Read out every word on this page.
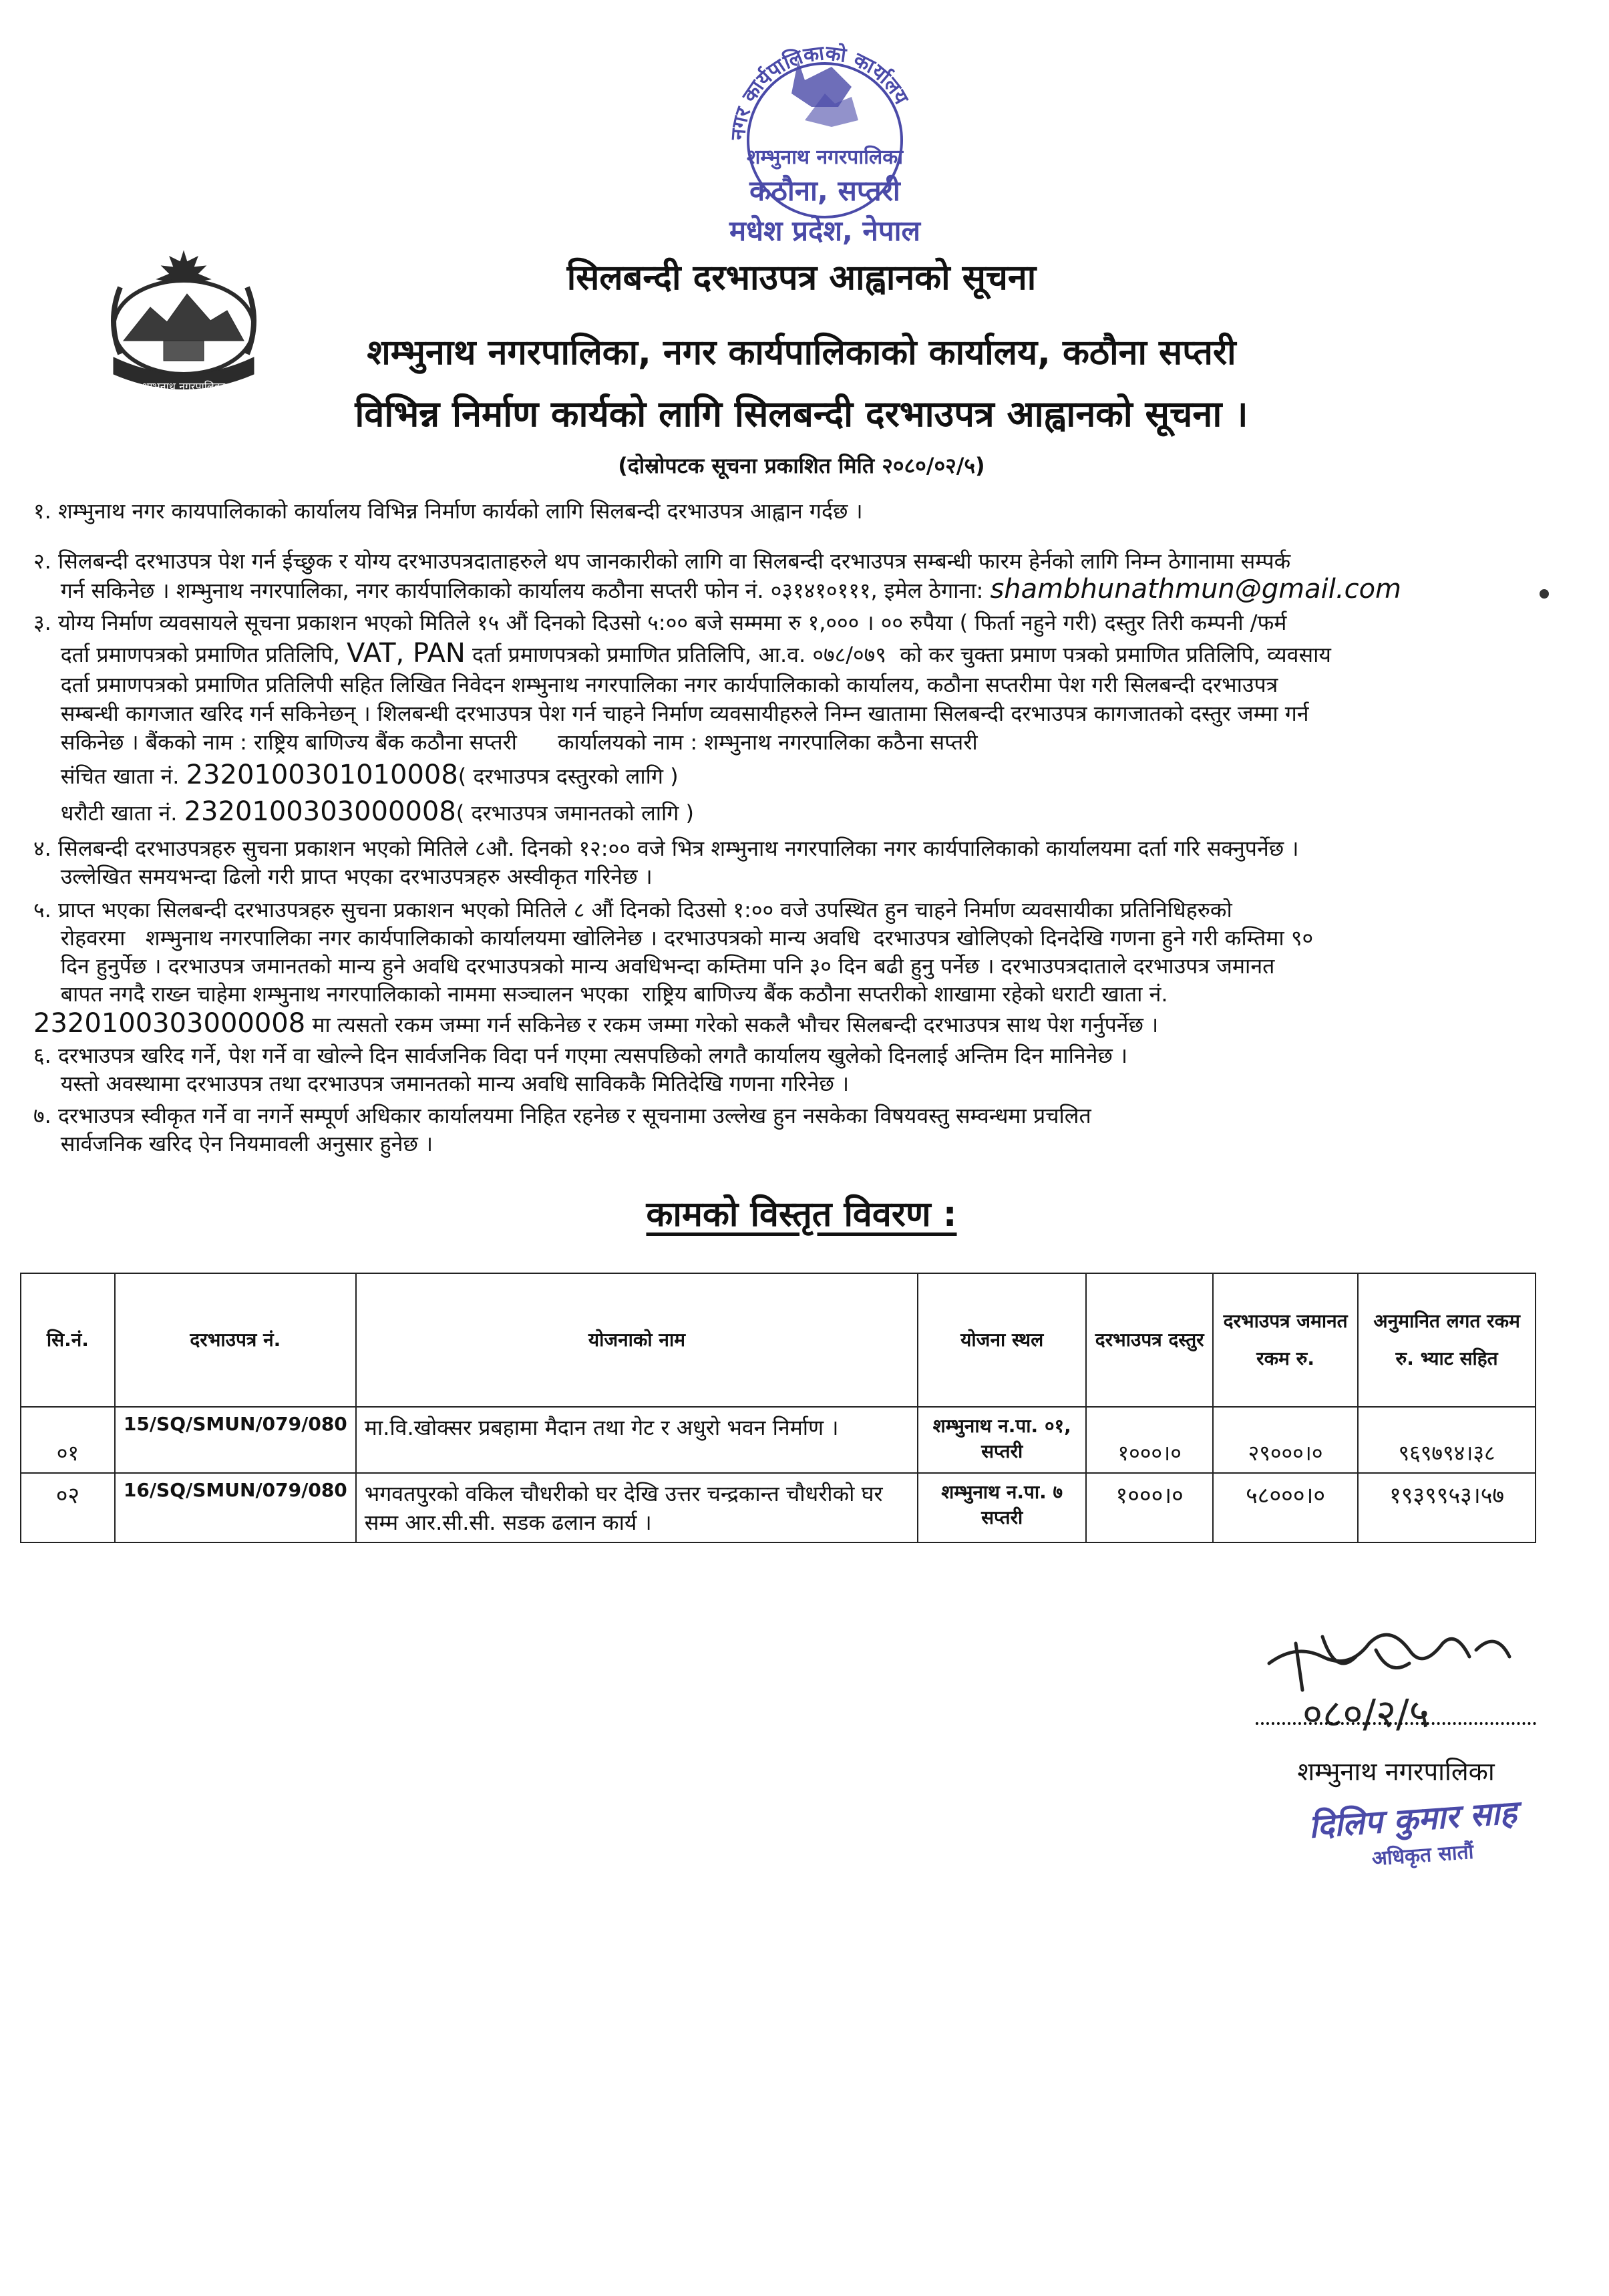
शम्भुनाथ नगरपालिका
नगर कार्यपालिकाको कार्यालय
शम्भुनाथ नगरपालिका
कठौना, सप्तरी
मधेश प्रदेश, नेपाल
सिलबन्दी दरभाउपत्र आह्वानको सूचना
शम्भुनाथ नगरपालिका, नगर कार्यपालिकाको कार्यालय, कठौना सप्तरी
विभिन्न निर्माण कार्यको लागि सिलबन्दी दरभाउपत्र आह्वानको सूचना ।
(दोस्रोपटक सूचना प्रकाशित मिति २०८०/०२/५)
१. शम्भुनाथ नगर कायपालिकाको कार्यालय विभिन्न निर्माण कार्यको लागि सिलबन्दी दरभाउपत्र आह्वान गर्दछ ।
२. सिलबन्दी दरभाउपत्र पेश गर्न ईच्छुक र योग्य दरभाउपत्रदाताहरुले थप जानकारीको लागि वा सिलबन्दी दरभाउपत्र सम्बन्धी फारम हेर्नको लागि निम्न ठेगानामा सम्पर्क
गर्न सकिनेछ । शम्भुनाथ नगरपालिका, नगर कार्यपालिकाको कार्यालय कठौना सप्तरी फोन नं. ०३१४१०१११, इमेल ठेगाना: shambhunathmun@gmail.com
३. योग्य निर्माण व्यवसायले सूचना प्रकाशन भएको मितिले १५ औं दिनको दिउसो ५:०० बजे सम्ममा रु १,००० । ०० रुपैया ( फिर्ता नहुने गरी) दस्तुर तिरी कम्पनी /फर्म
दर्ता प्रमाणपत्रको प्रमाणित प्रतिलिपि, VAT, PAN दर्ता प्रमाणपत्रको प्रमाणित प्रतिलिपि, आ.व. ०७८/०७९  को कर चुक्ता प्रमाण पत्रको प्रमाणित प्रतिलिपि, व्यवसाय
दर्ता प्रमाणपत्रको प्रमाणित प्रतिलिपी सहित लिखित निवेदन शम्भुनाथ नगरपालिका नगर कार्यपालिकाको कार्यालय, कठौना सप्तरीमा पेश गरी सिलबन्दी दरभाउपत्र
सम्बन्धी कागजात खरिद गर्न सकिनेछन् । शिलबन्धी दरभाउपत्र पेश गर्न चाहने निर्माण व्यवसायीहरुले निम्न खातामा सिलबन्दी दरभाउपत्र कागजातको दस्तुर जम्मा गर्न
सकिनेछ । बैंकको नाम : राष्ट्रिय बाणिज्य बैंक कठौना सप्तरी      कार्यालयको नाम : शम्भुनाथ नगरपालिका कठैना सप्तरी
संचित खाता नं. 2320100301010008( दरभाउपत्र दस्तुरको लागि )
धरौटी खाता नं. 2320100303000008( दरभाउपत्र जमानतको लागि )
४. सिलबन्दी दरभाउपत्रहरु सुचना प्रकाशन भएको मितिले ८औ. दिनको १२:०० वजे भित्र शम्भुनाथ नगरपालिका नगर कार्यपालिकाको कार्यालयमा दर्ता गरि सक्नुपर्नेछ ।
उल्लेखित समयभन्दा ढिलो गरी प्राप्त भएका दरभाउपत्रहरु अस्वीकृत गरिनेछ ।
५. प्राप्त भएका सिलबन्दी दरभाउपत्रहरु सुचना प्रकाशन भएको मितिले ८ औं दिनको दिउसो १:०० वजे उपस्थित हुन चाहने निर्माण व्यवसायीका प्रतिनिधिहरुको
रोहवरमा   शम्भुनाथ नगरपालिका नगर कार्यपालिकाको कार्यालयमा खोलिनेछ । दरभाउपत्रको मान्य अवधि  दरभाउपत्र खोलिएको दिनदेखि गणना हुने गरी कम्तिमा ९०
दिन हुनुर्पेछ । दरभाउपत्र जमानतको मान्य हुने अवधि दरभाउपत्रको मान्य अवधिभन्दा कम्तिमा पनि ३० दिन बढी हुनु पर्नेछ । दरभाउपत्रदाताले दरभाउपत्र जमानत
बापत नगदै राख्न चाहेमा शम्भुनाथ नगरपालिकाको नाममा सञ्चालन भएका  राष्ट्रिय बाणिज्य बैंक कठौना सप्तरीको शाखामा रहेको धराटी खाता नं.
2320100303000008 मा त्यसतो रकम जम्मा गर्न सकिनेछ र रकम जम्मा गरेको सकलै भौचर सिलबन्दी दरभाउपत्र साथ पेश गर्नुपर्नेछ ।
६. दरभाउपत्र खरिद गर्ने, पेश गर्ने वा खोल्ने दिन सार्वजनिक विदा पर्न गएमा त्यसपछिको लगतै कार्यालय खुलेको दिनलाई अन्तिम दिन मानिनेछ ।
यस्तो अवस्थामा दरभाउपत्र तथा दरभाउपत्र जमानतको मान्य अवधि साविककै मितिदेखि गणना गरिनेछ ।
७. दरभाउपत्र स्वीकृत गर्ने वा नगर्ने सम्पूर्ण अधिकार कार्यालयमा निहित रहनेछ र सूचनामा उल्लेख हुन नसकेका विषयवस्तु सम्वन्धमा प्रचलित
सार्वजनिक खरिद ऐन नियमावली अनुसार हुनेछ ।
कामको विस्तृत विवरण :
सि.नं.	दरभाउपत्र नं.	योजनाको नाम	योजना स्थल	दरभाउपत्र दस्तुर	दरभाउपत्र जमानत रकम रु.	अनुमानित लगत रकम रु. भ्याट सहित
०१	15/SQ/SMUN/079/080	मा.वि.खोक्सर प्रबहामा मैदान तथा गेट र अधुरो भवन निर्माण ।	शम्भुनाथ न.पा. ०१, सप्तरी	१०००।०	२९०००।०	९६९७९४।३८
०२	16/SQ/SMUN/079/080	भगवतपुरको वकिल चौधरीको घर देखि उत्तर चन्द्रकान्त चौधरीको घर सम्म आर.सी.सी. सडक ढलान कार्य ।	शम्भुनाथ न.पा. ७ सप्तरी	१०००।०	५८०००।०	१९३९९५३।५७
०८०/२/५
शम्भुनाथ नगरपालिका
दिलिप कुमार साह
अधिकृत सातौं
